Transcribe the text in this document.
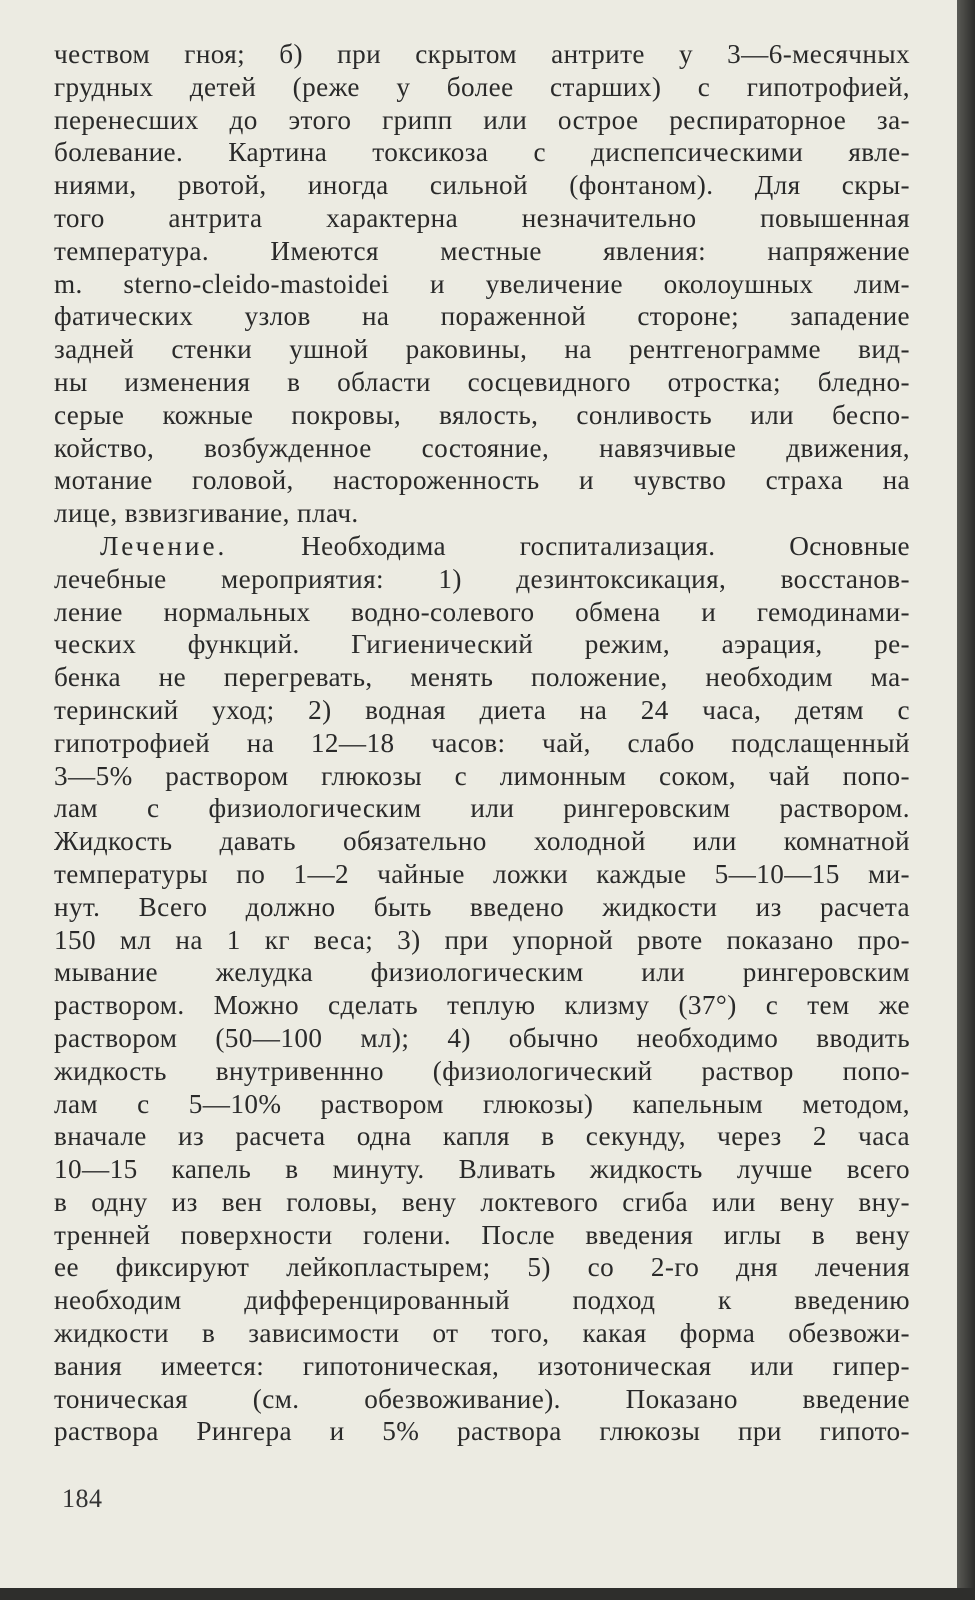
чеством гноя; б) при скрытом антрите у 3—6-месячных
грудных детей (реже у более старших) с гипотрофией,
перенесших до этого грипп или острое респираторное за-
болевание. Картина токсикоза с диспепсическими явле-
ниями, рвотой, иногда сильной (фонтаном). Для скры-
того антрита характерна незначительно повышенная
температура. Имеются местные явления: напряжение
m. sterno-cleido-mastoidei и увеличение околоушных лим-
фатических узлов на пораженной стороне; западение
задней стенки ушной раковины, на рентгенограмме вид-
ны изменения в области сосцевидного отростка; бледно-
серые кожные покровы, вялость, сонливость или беспо-
койство, возбужденное состояние, навязчивые движения,
мотание головой, настороженность и чувство страха на
лице, взвизгивание, плач.
Лечение.	Необходима госпитализация. Основные
лечебные мероприятия: 1) дезинтоксикация, восстанов-
ление нормальных водно-солевого обмена и гемодинами-
ческих функций. Гигиенический режим, аэрация, ре-
бенка не перегревать, менять положение, необходим ма-
теринский уход; 2) водная диета на 24 часа, детям с
гипотрофией на 12—18 часов: чай, слабо подслащенный
3—5% раствором глюкозы с лимонным соком, чай попо-
лам с физиологическим или рингеровским раствором.
Жидкость давать обязательно холодной или комнатной
температуры по 1—2 чайные ложки каждые 5—10—15 ми-
нут. Всего должно быть введено жидкости из расчета
150 мл на 1 кг веса; 3) при упорной рвоте показано про-
мывание желудка физиологическим или рингеровским
раствором. Можно сделать теплую клизму (37°) с тем же
раствором (50—100 мл); 4) обычно необходимо вводить
жидкость внутривеннно (физиологический раствор попо-
лам с 5—10% раствором глюкозы) капельным методом,
вначале из расчета одна капля в секунду, через 2 часа
10—15 капель в минуту. Вливать жидкость лучше всего
в одну из вен головы, вену локтевого сгиба или вену вну-
тренней поверхности голени. После введения иглы в вену
ее фиксируют лейкопластырем; 5) со 2-го дня лечения
необходим дифференцированный подход к введению
жидкости в зависимости от того, какая форма обезвожи-
вания имеется: гипотоническая, изотоническая или гипер-
тоническая (см. обезвоживание). Показано введение
раствора Рингера и 5% раствора глюкозы при гипото-
184
